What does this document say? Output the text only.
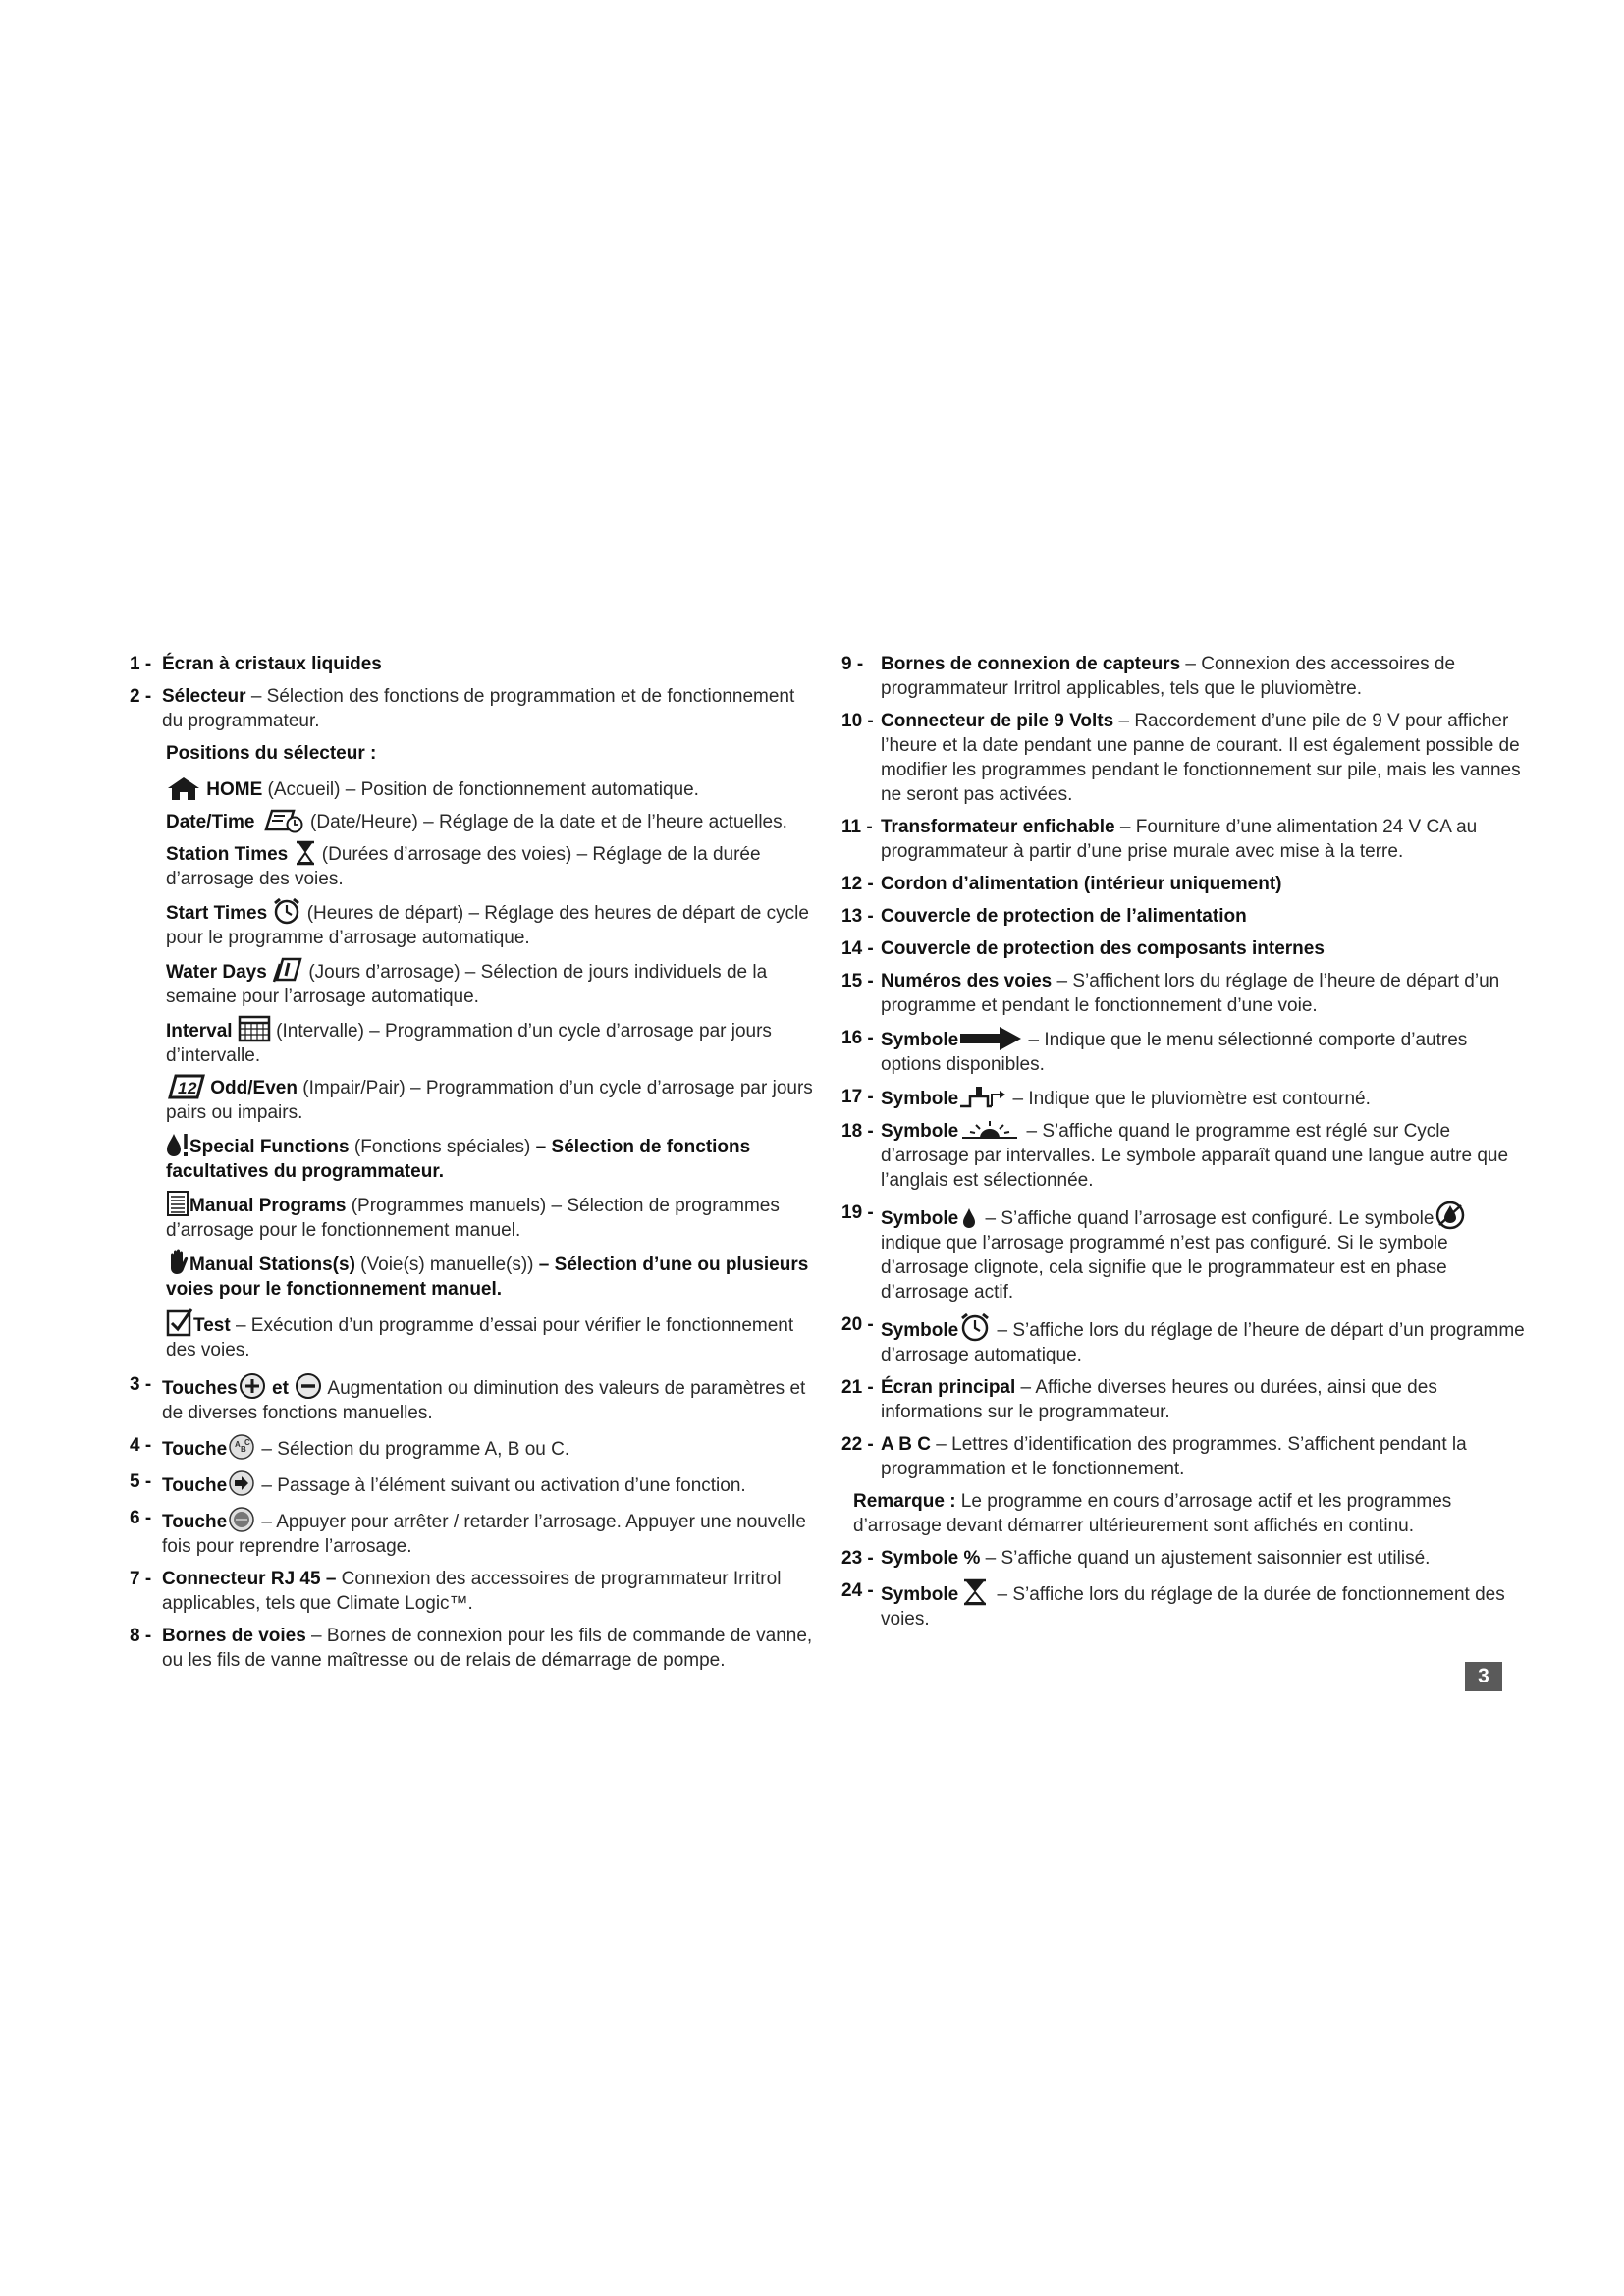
1 - Écran à cristaux liquides
2 - Sélecteur – Sélection des fonctions de programmation et de fonctionnement du programmateur.
Positions du sélecteur :
HOME (Accueil) – Position de fonctionnement automatique.
Date/Time	(Date/Heure) – Réglage de la date et de l’heure actuelles.
Station Times
(Durées d’arrosage des voies) – Réglage de la durée d’arrosage des voies.
Start Times
(Heures de départ) – Réglage des heures de départ de cycle pour le programme d’arrosage automatique.
Water Days
(Jours d’arrosage) – Sélection de jours individuels de la semaine pour l’arrosage automatique.
Interval
(Intervalle) – Programmation d’un cycle d’arrosage par jours d’intervalle.
1 2 Odd/Even (Impair/Pair) – Programmation d’un cycle d’arrosage par jours pairs ou impairs.
Special Functions (Fonctions spéciales) – Sélection de fonctions facultatives du programmateur.
Manual Programs (Programmes manuels) – Sélection de programmes d’arrosage pour le fonctionnement manuel.
Manual Stations(s) (Voie(s) manuelle(s)) – Sélection d’une ou plusieurs voies pour le fonctionnement manuel.
Test – Exécution d’un programme d’essai pour vérifier le fonctionnement des voies.
3 - Touches
et
Augmentation ou diminution des valeurs de paramètres et de diverses fonctions manuelles.
4 - Touche A
B
C – Sélection du programme A, B ou C.
5 - Touche
– Passage à l’élément suivant ou activation d’une fonction.
6 - Touche
– Appuyer pour arrêter / retarder l’arrosage. Appuyer une nouvelle fois pour reprendre l’arrosage.
7 - Connecteur RJ 45 – Connexion des accessoires de programmateur Irritrol applicables, tels que Climate Logic™.
8 - Bornes de voies – Bornes de connexion pour les fils de commande de vanne, ou les fils de vanne maîtresse ou de relais de démarrage de pompe.
9 - Bornes de connexion de capteurs – Connexion des accessoires de programmateur Irritrol applicables, tels que le pluviomètre.
10 - Connecteur de pile 9 Volts – Raccordement d’une pile de 9 V pour afficher l’heure et la date pendant une panne de courant. Il est également possible de modifier les programmes pendant le fonctionnement sur pile, mais les vannes ne seront pas activées.
11 - Transformateur enfichable – Fourniture d’une alimentation 24 V CA au programmateur à partir d’une prise murale avec mise à la terre.
12 - Cordon d’alimentation (intérieur uniquement)
13 - Couvercle de protection de l’alimentation
14 - Couvercle de protection des composants internes
15 - Numéros des voies – S’affichent lors du réglage de l’heure de départ d’un programme et pendant le fonctionnement d’une voie.
16 - Symbole	– Indique que le menu sélectionné comporte d’autres options disponibles.
17 - Symbole	– Indique que le pluviomètre est contourné.
18 - Symbole	– S’affiche quand le programme est réglé sur Cycle d’arrosage par intervalles. Le symbole apparaît quand une langue autre que l’anglais est sélectionnée.
19 - Symbole
– S’affiche quand l’arrosage est configuré. Le symbole
indique que l’arrosage programmé n’est pas configuré. Si le symbole d’arrosage clignote, cela signifie que le programmateur est en phase d’arrosage actif.
20 - Symbole
– S’affiche lors du réglage de l’heure de départ d’un programme d’arrosage automatique.
21 - Écran principal – Affiche diverses heures ou durées, ainsi que des informations sur le programmateur.
22 - A B C – Lettres d’identification des programmes. S’affichent pendant la programmation et le fonctionnement.
Remarque : Le programme en cours d’arrosage actif et les programmes d’arrosage devant démarrer ultérieurement sont affichés en continu.
23 - Symbole % – S’affiche quand un ajustement saisonnier est utilisé.
24 - Symbole
– S’affiche lors du réglage de la durée de fonctionnement des voies.
3
